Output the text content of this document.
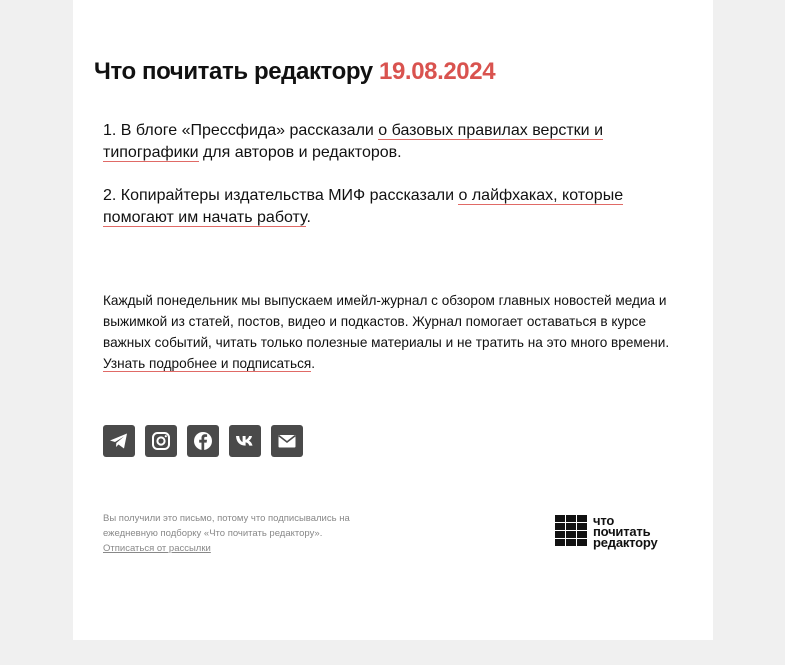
Что почитать редактору 19.08.2024

1. В блоге «Прессфида» рассказали о базовых правилах верстки и типографики для авторов и редакторов.

2. Копирайтеры издательства МИФ рассказали о лайфхаках, которые помогают им начать работу.

Каждый понедельник мы выпускаем имейл-журнал с обзором главных новостей медиа и выжимкой из статей, постов, видео и подкастов. Журнал помогает оставаться в курсе важных событий, читать только полезные материалы и не тратить на это много времени. Узнать подробнее и подписаться.

Вы получили это письмо, потому что подписывались на ежедневную подборку «Что почитать редактору».
Отписаться от рассылки

что
почитать
редактору
